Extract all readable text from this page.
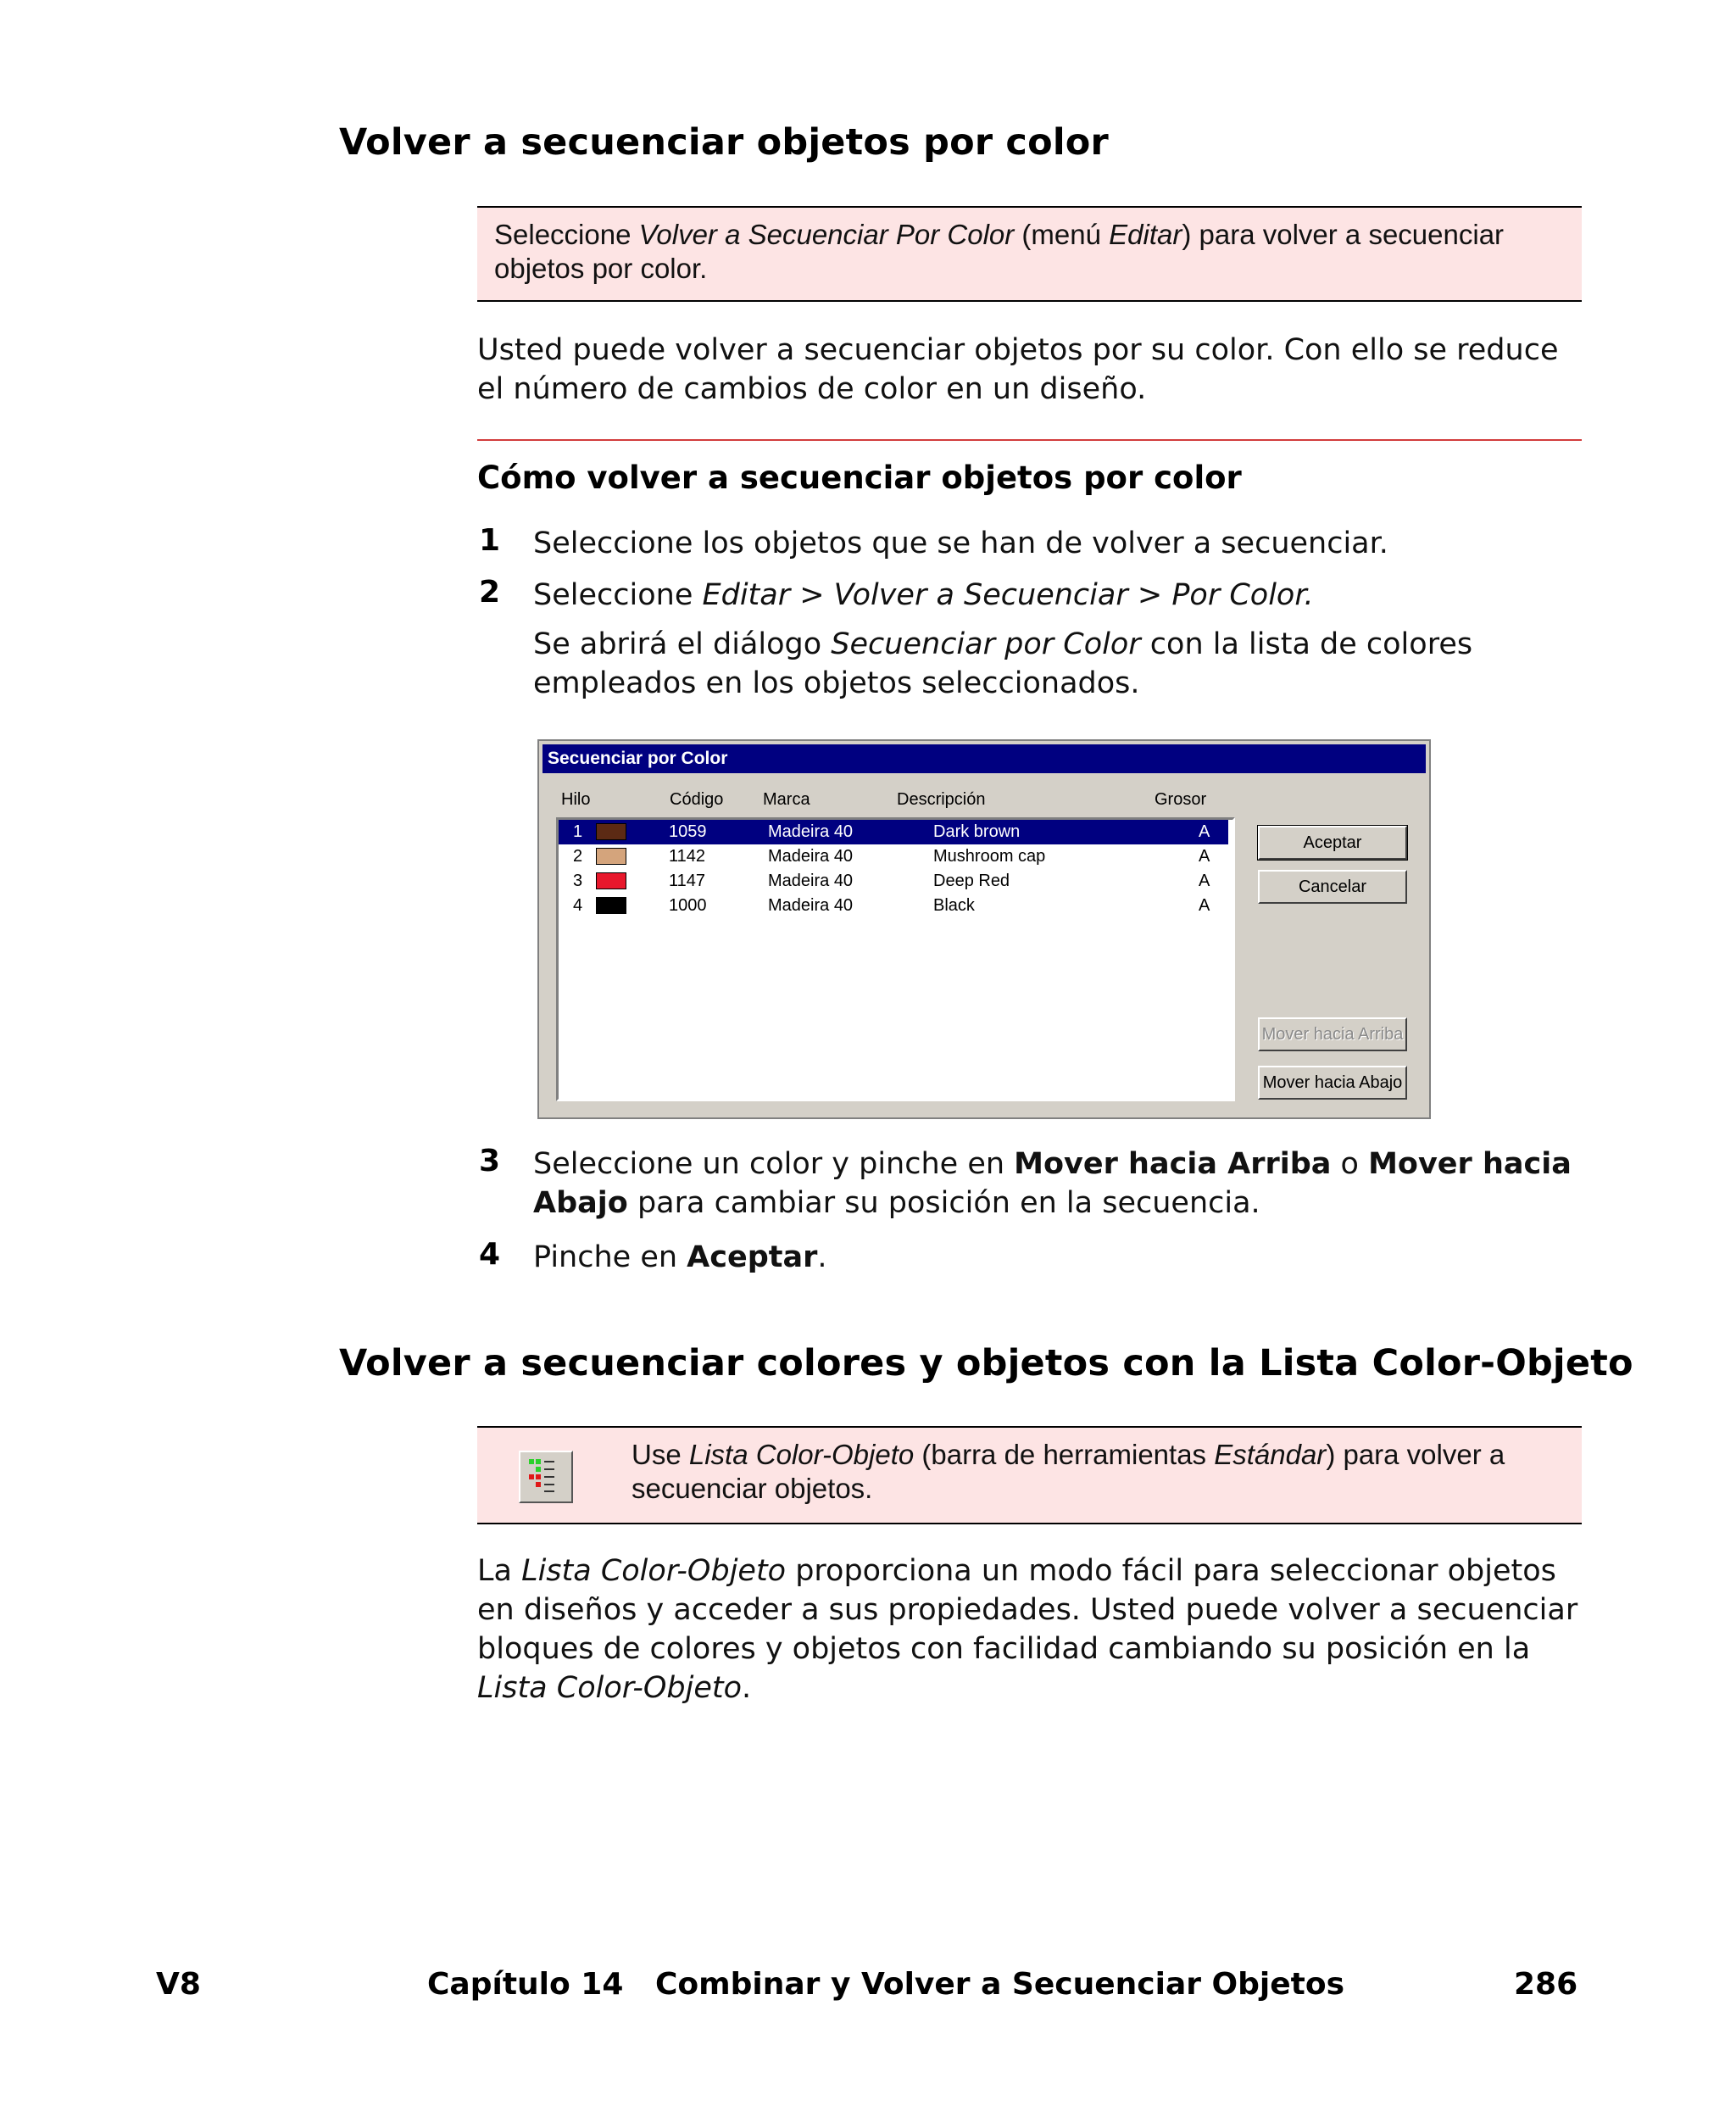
Volver a secuenciar objetos por color
Seleccione Volver a Secuenciar Por Color (menú Editar) para volver a secuenciar objetos por color.

Usted puede volver a secuenciar objetos por su color. Con ello se reduce el número de cambios de color en un diseño.

Cómo volver a secuenciar objetos por color
1 Seleccione los objetos que se han de volver a secuenciar.

2 Seleccione Editar > Volver a Secuenciar > Por Color.

Se abrirá el diálogo Secuenciar por Color con la lista de colores empleados en los objetos seleccionados.

Secuenciar por Color
Hilo	Código Marca	Descripción	Grosor
1	1059	Madeira 40	Dark brown	A
2	1142	Madeira 40	Mushroom cap	A
3	1147	Madeira 40	Deep Red	A
4	1000	Madeira 40	Black	A
Aceptar
Cancelar
Mover hacia Arriba
Mover hacia Abajo
3 Seleccione un color y pinche en Mover hacia Arriba o Mover hacia Abajo para cambiar su posición en la secuencia.

4 Pinche en Aceptar.

Volver a secuenciar colores y objetos con la Lista Color-Objeto
Use Lista Color-Objeto (barra de herramientas Estándar) para volver a secuenciar objetos.

La Lista Color-Objeto proporciona un modo fácil para seleccionar objetos en diseños y acceder a sus propiedades. Usted puede volver a secuenciar bloques de colores y objetos con facilidad cambiando su posición en la Lista Color-Objeto.

V8	Capítulo 14   Combinar y Volver a Secuenciar Objetos	286
